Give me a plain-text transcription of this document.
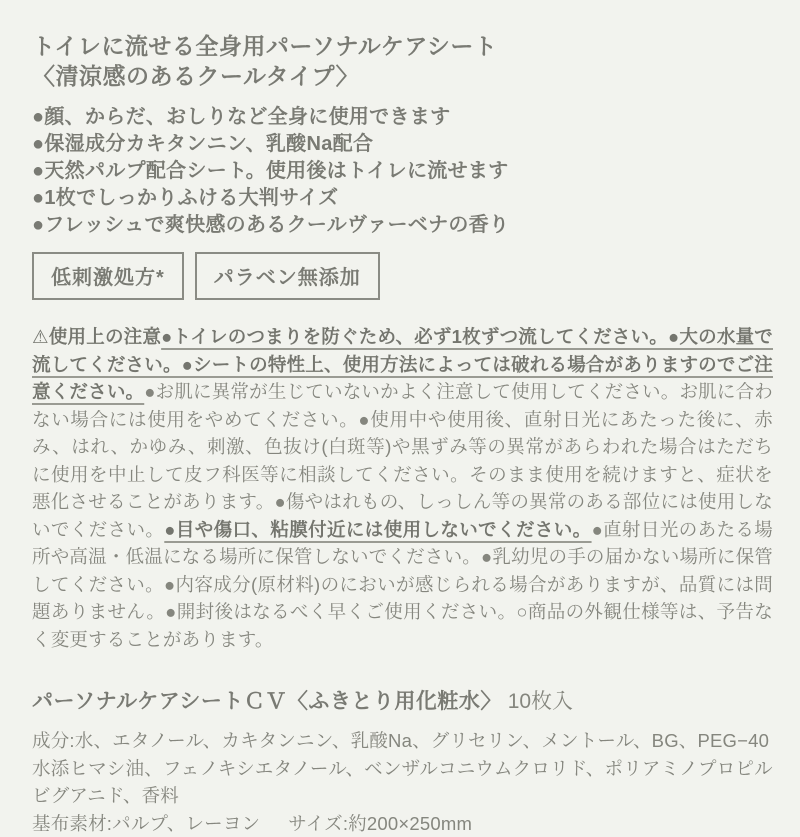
トイレに流せる全身用パーソナルケアシート
〈清涼感のあるクールタイプ〉
●顔、からだ、おしりなど全身に使用できます
●保湿成分カキタンニン、乳酸Na配合
●天然パルプ配合シート。使用後はトイレに流せます
●1枚でしっかりふける大判サイズ
●フレッシュで爽快感のあるクールヴァーベナの香り
低刺激処方*	パラベン無添加

⚠使用上の注意●トイレのつまりを防ぐため、必ず1枚ずつ流してください。●大の水量で流してください。●シートの特性上、使用方法によっては破れる場合がありますのでご注意ください。●お肌に異常が生じていないかよく注意して使用してください。お肌に合わない場合には使用をやめてください。●使用中や使用後、直射日光にあたった後に、赤み、はれ、かゆみ、刺激、色抜け(白斑等)や黒ずみ等の異常があらわれた場合はただちに使用を中止して皮フ科医等に相談してください。そのまま使用を続けますと、症状を悪化させることがあります。●傷やはれもの、しっしん等の異常のある部位には使用しないでください。●目や傷口、粘膜付近には使用しないでください。●直射日光のあたる場所や高温・低温になる場所に保管しないでください。●乳幼児の手の届かない場所に保管してください。●内容成分(原材料)のにおいが感じられる場合がありますが、品質には問題ありません。●開封後はなるべく早くご使用ください。○商品の外観仕様等は、予告なく変更することがあります。

パーソナルケアシートＣＶ〈ふきとり用化粧水〉 10枚入

成分:水、エタノール、カキタンニン、乳酸Na、グリセリン、メントール、BG、PEG−40水添ヒマシ油、フェノキシエタノール、ベンザルコニウムクロリド、ポリアミノプロピルビグアニド、香料

基布素材:パルプ、レーヨン サイズ:約200×250mm
